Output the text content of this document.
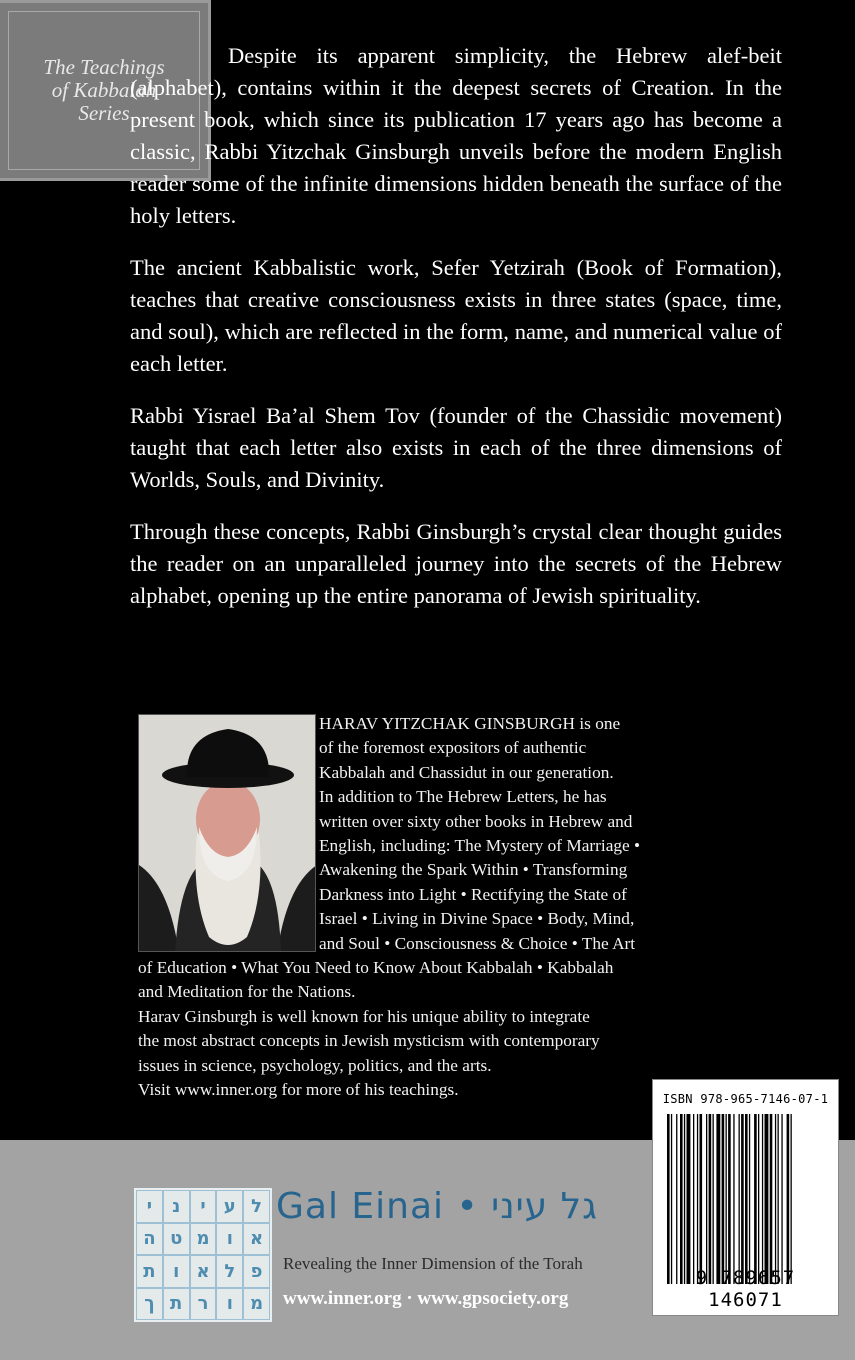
The Teachings of Kabbalah Series

Despite its apparent simplicity, the Hebrew alef-beit (alphabet), contains within it the deepest secrets of Creation. In the present book, which since its publication 17 years ago has become a classic, Rabbi Yitzchak Ginsburgh unveils before the modern English reader some of the infinite dimensions hidden beneath the surface of the holy letters.

The ancient Kabbalistic work, Sefer Yetzirah (Book of Formation), teaches that creative consciousness exists in three states (space, time, and soul), which are reflected in the form, name, and numerical value of each letter.

Rabbi Yisrael Ba’al Shem Tov (founder of the Chassidic movement) taught that each letter also exists in each of the three dimensions of Worlds, Souls, and Divinity.

Through these concepts, Rabbi Ginsburgh’s crystal clear thought guides the reader on an unparalleled journey into the secrets of the Hebrew alphabet, opening up the entire panorama of Jewish spirituality.

HARAV YITZCHAK GINSBURGH is one
of the foremost expositors of authentic
Kabbalah and Chassidut in our generation.
In addition to The Hebrew Letters, he has
written over sixty other books in Hebrew and
English, including: The Mystery of Marriage •
Awakening the Spark Within • Transforming
Darkness into Light • Rectifying the State of
Israel • Living in Divine Space • Body, Mind,
and Soul • Consciousness & Choice • The Art
of Education • What You Need to Know About Kabbalah • Kabbalah
and Meditation for the Nations.
Harav Ginsburgh is well known for his unique ability to integrate
the most abstract concepts in Jewish mysticism with contemporary
issues in science, psychology, politics, and the arts.
Visit www.inner.org for more of his teachings.
י	נ	י	ע ל
ה ט מ ו א
ת ו א ל פ
ך ת ר	ו מ
Gal Einai • גל עיני
Revealing the Inner Dimension of the Torah
www.inner.org · www.gpsociety.org
ISBN 978-965-7146-07-1
9 789657 146071
